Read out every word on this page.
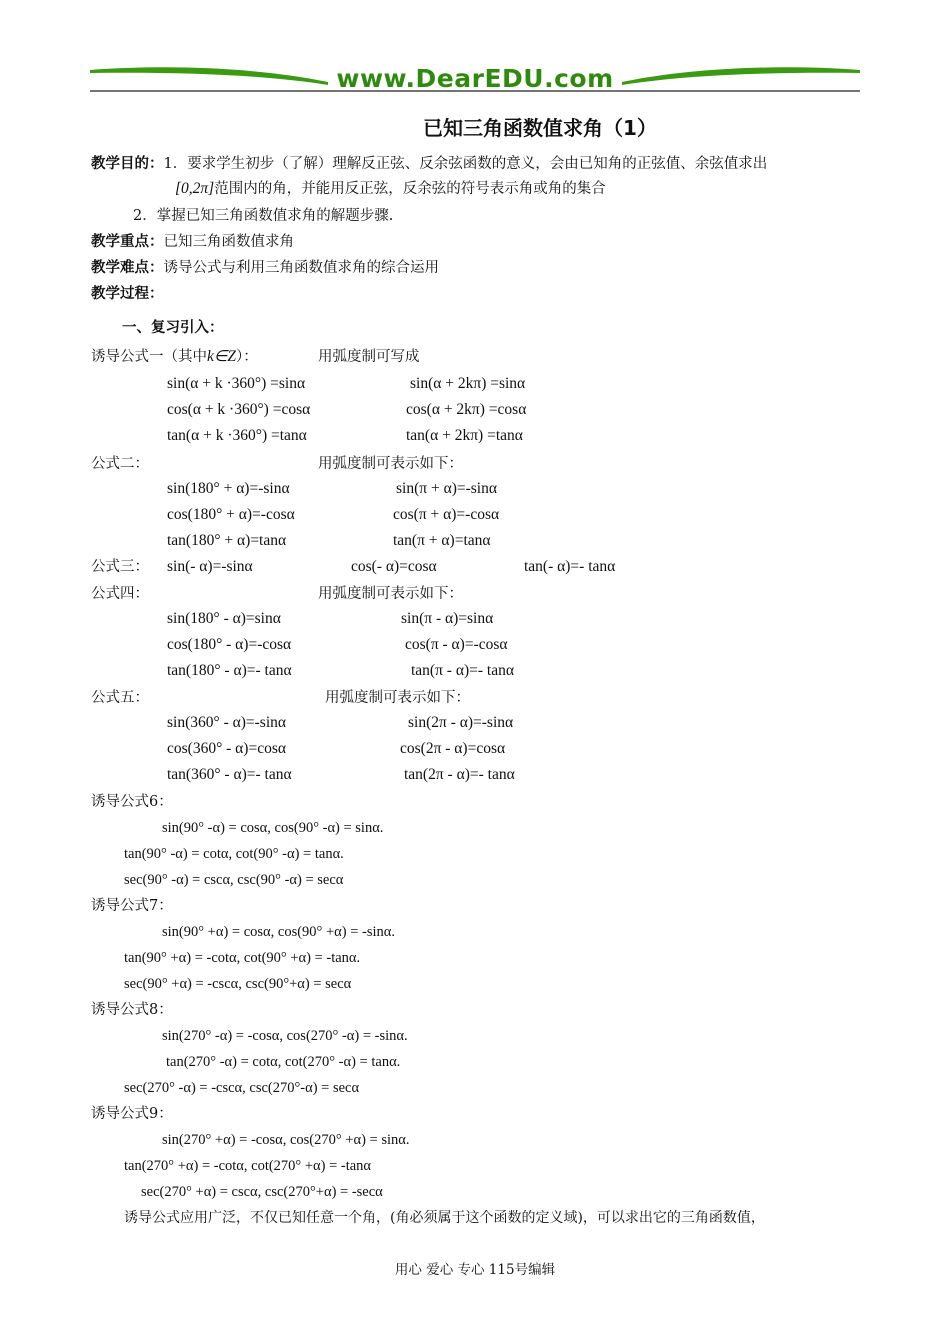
www.DearEDU.com
已知三角函数值求角（1）
教学目的：1．要求学生初步（了解）理解反正弦、反余弦函数的意义，会由已知角的正弦值、余弦值求出
[0,2π]范围内的角，并能用反正弦，反余弦的符号表示角或角的集合
2．掌握已知三角函数值求角的解题步骤.
教学重点：已知三角函数值求角
教学难点：诱导公式与利用三角函数值求角的综合运用
教学过程：
一、复习引入：
诱导公式一（其中k∈Z）：	用弧度制可写成
sin(α + k ·360°) =sinα	sin(α + 2kπ) =sinα
cos(α + k ·360°) =cosα	cos(α + 2kπ) =cosα
tan(α + k ·360°) =tanα	tan(α + 2kπ) =tanα
公式二：	用弧度制可表示如下：
sin(180° + α)=-sinα	sin(π + α)=-sinα
cos(180° + α)=-cosα	cos(π + α)=-cosα
tan(180° + α)=tanα	tan(π + α)=tanα
公式三： sin(- α)=-sinα	cos(- α)=cosα	tan(- α)=- tanα
公式四：	用弧度制可表示如下：
sin(180° - α)=sinα	sin(π - α)=sinα
cos(180° - α)=-cosα	cos(π - α)=-cosα
tan(180° - α)=- tanα	tan(π - α)=- tanα
公式五：	用弧度制可表示如下：
sin(360° - α)=-sinα	sin(2π - α)=-sinα
cos(360° - α)=cosα	cos(2π - α)=cosα
tan(360° - α)=- tanα	tan(2π - α)=- tanα
诱导公式6：
sin(90° -α) = cosα, cos(90° -α) = sinα.
tan(90° -α) = cotα, cot(90° -α) = tanα.
sec(90° -α) = cscα, csc(90° -α) = secα
诱导公式7：
sin(90° +α) = cosα, cos(90° +α) = -sinα.
tan(90° +α) = -cotα, cot(90° +α) = -tanα.
sec(90° +α) = -cscα, csc(90°+α) = secα
诱导公式8：
sin(270° -α) = -cosα, cos(270° -α) = -sinα.
tan(270° -α) = cotα, cot(270° -α) = tanα.
sec(270° -α) = -cscα, csc(270°-α) = secα
诱导公式9：
sin(270° +α) = -cosα, cos(270° +α) = sinα.
tan(270° +α) = -cotα, cot(270° +α) = -tanα
sec(270° +α) = cscα, csc(270°+α) = -secα
诱导公式应用广泛，不仅已知任意一个角，(角必须属于这个函数的定义域)，可以求出它的三角函数值，
用心 爱心 专心 115号编辑
